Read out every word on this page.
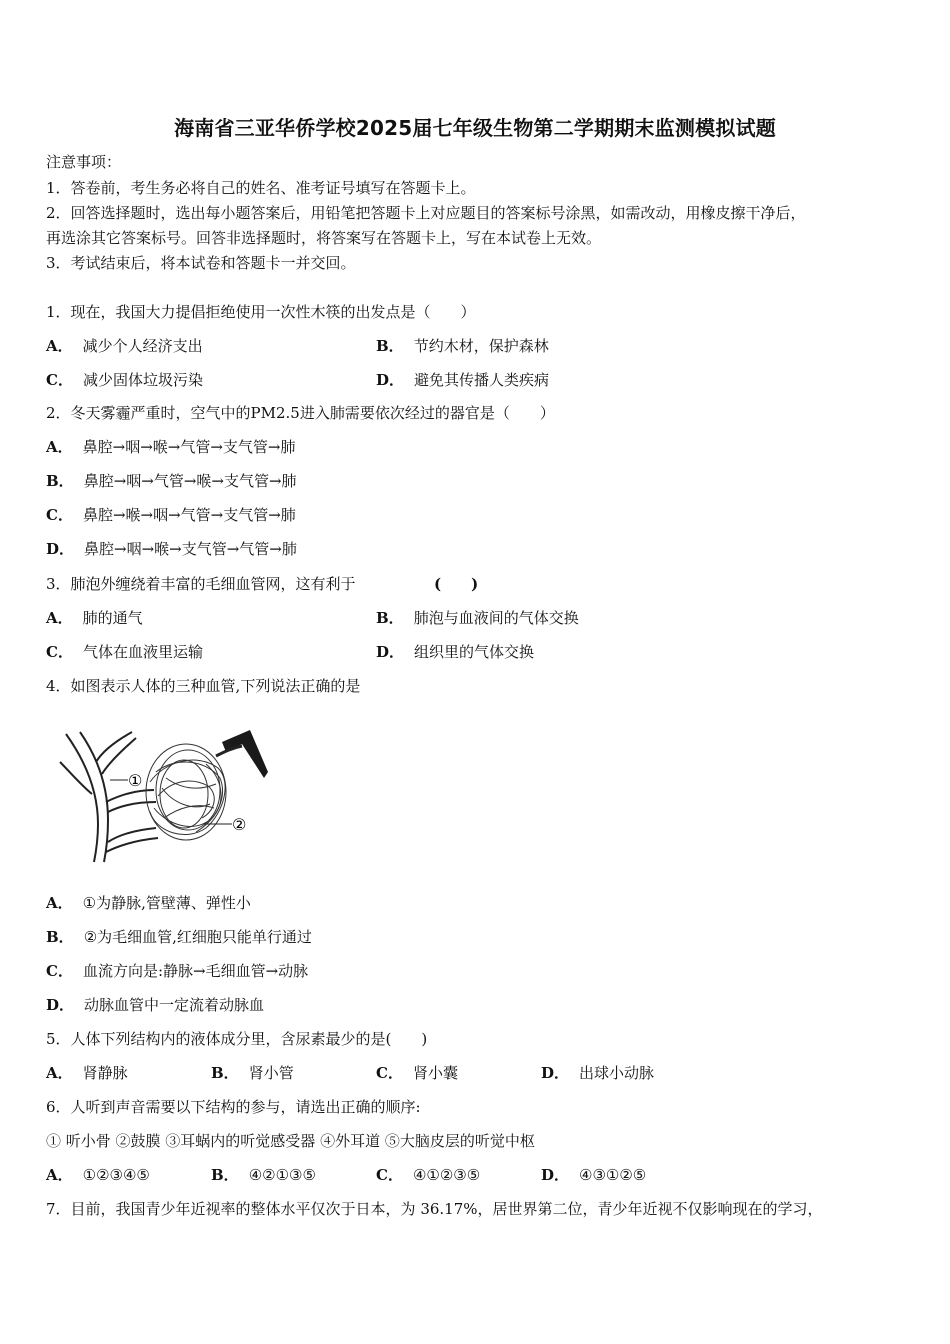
海南省三亚华侨学校2025届七年级生物第二学期期末监测模拟试题
注意事项：
1．答卷前，考生务必将自己的姓名、准考证号填写在答题卡上。
2．回答选择题时，选出每小题答案后，用铅笔把答题卡上对应题目的答案标号涂黑，如需改动，用橡皮擦干净后，
再选涂其它答案标号。回答非选择题时，将答案写在答题卡上，写在本试卷上无效。
3．考试结束后，将本试卷和答题卡一并交回。
1．现在，我国大力提倡拒绝使用一次性木筷的出发点是（　　）
A． 减少个人经济支出	B． 节约木材，保护森林
C． 减少固体垃圾污染	D． 避免其传播人类疾病
2．冬天雾霾严重时，空气中的PM2.5进入肺需要依次经过的器官是（　　）
A． 鼻腔→咽→喉→气管→支气管→肺
B． 鼻腔→咽→气管→喉→支气管→肺
C． 鼻腔→喉→咽→气管→支气管→肺
D． 鼻腔→咽→喉→支气管→气管→肺
3．肺泡外缠绕着丰富的毛细血管网，这有利于	(　　)
A． 肺的通气	B． 肺泡与血液间的气体交换
C． 气体在血液里运输	D． 组织里的气体交换
4．如图表示人体的三种血管,下列说法正确的是
①
②
A． ①为静脉,管壁薄、弹性小
B． ②为毛细血管,红细胞只能单行通过
C． 血流方向是:静脉→毛细血管→动脉
D． 动脉血管中一定流着动脉血
5．人体下列结构内的液体成分里，含尿素最少的是(　　)
A． 肾静脉	B． 肾小管	C． 肾小囊	D． 出球小动脉
6．人听到声音需要以下结构的参与，请选出正确的顺序:
① 听小骨 ②鼓膜 ③耳蜗内的听觉感受器 ④外耳道 ⑤大脑皮层的听觉中枢
A． ①②③④⑤	B． ④②①③⑤	C． ④①②③⑤	D． ④③①②⑤
7．目前，我国青少年近视率的整体水平仅次于日本，为 36.17%，居世界第二位，青少年近视不仅影响现在的学习，
